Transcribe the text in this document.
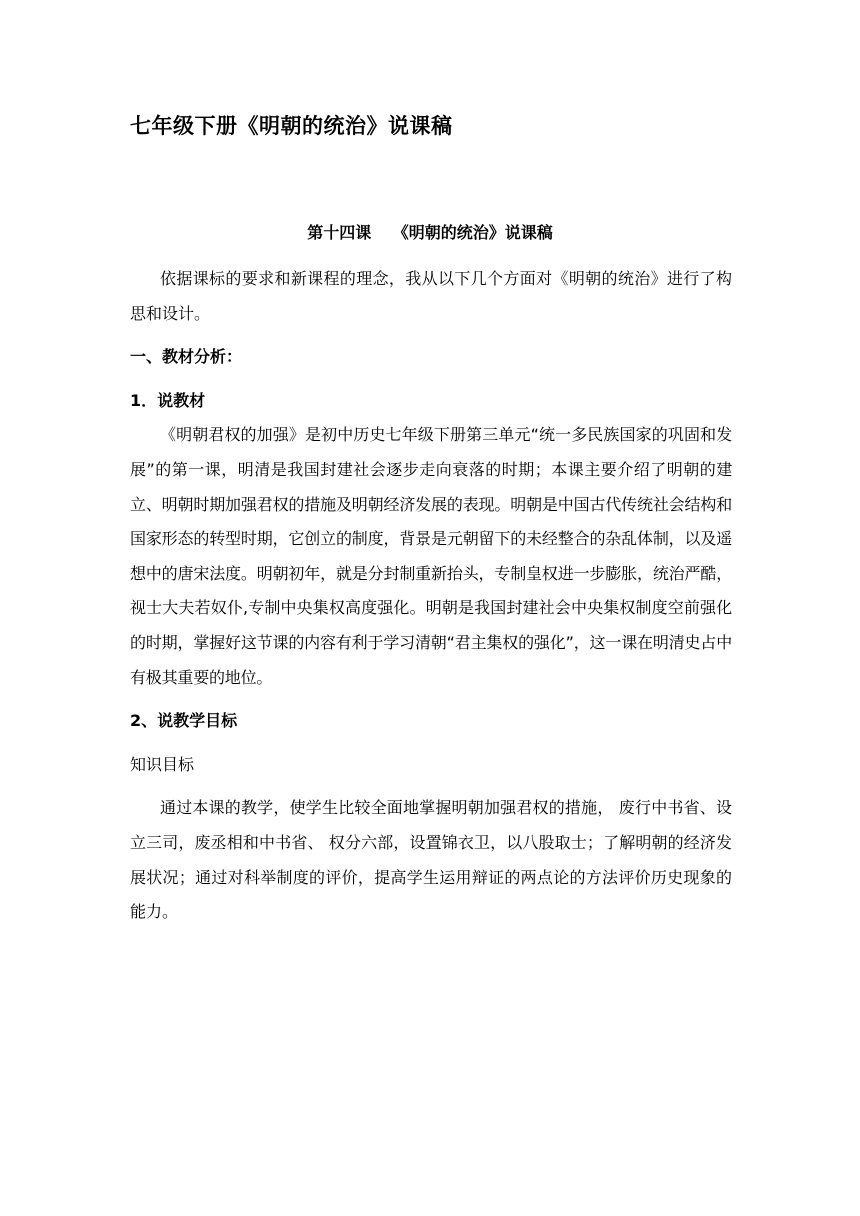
七年级下册《明朝的统治》说课稿
第十四课　 《明朝的统治》说课稿

依据课标的要求和新课程的理念，我从以下几个方面对《明朝的统治》进行了构思和设计。

一、教材分析：

1．说教材

《明朝君权的加强》是初中历史七年级下册第三单元“统一多民族国家的巩固和发展”的第一课，明清是我国封建社会逐步走向衰落的时期；本课主要介绍了明朝的建立、明朝时期加强君权的措施及明朝经济发展的表现。明朝是中国古代传统社会结构和国家形态的转型时期，它创立的制度，背景是元朝留下的未经整合的杂乱体制，以及遥想中的唐宋法度。明朝初年，就是分封制重新抬头，专制皇权进一步膨胀，统治严酷，视士大夫若奴仆,专制中央集权高度强化。明朝是我国封建社会中央集权制度空前强化的时期，掌握好这节课的内容有利于学习清朝“君主集权的强化”，这一课在明清史占中有极其重要的地位。

2、说教学目标

知识目标

通过本课的教学，使学生比较全面地掌握明朝加强君权的措施， 废行中书省、设立三司，废丞相和中书省、 权分六部，设置锦衣卫，以八股取士；了解明朝的经济发展状况；通过对科举制度的评价，提高学生运用辩证的两点论的方法评价历史现象的能力。
